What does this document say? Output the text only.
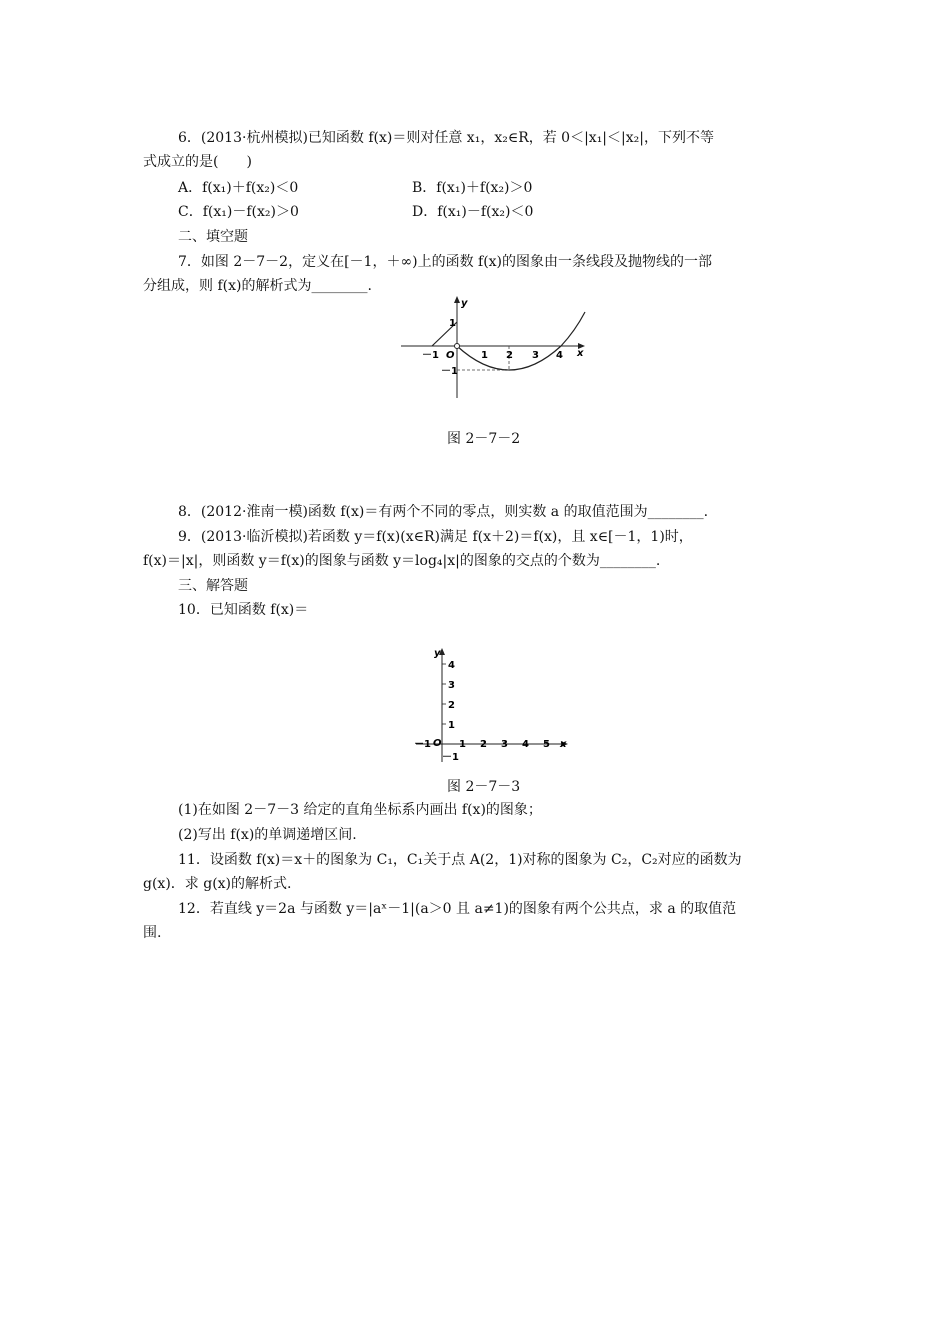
6．(2013·杭州模拟)已知函数 f(x)＝则对任意 x₁，x₂∈R，若 0＜|x₁|＜|x₂|，下列不等
式成立的是(　　)
A．f(x₁)＋f(x₂)＜0	B．f(x₁)＋f(x₂)＞0
C．f(x₁)－f(x₂)＞0	D．f(x₁)－f(x₂)＜0
二、填空题
7．如图 2－7－2，定义在[－1，＋∞)上的函数 f(x)的图象由一条线段及抛物线的一部
分组成，则 f(x)的解析式为________.
y
x
O
－1	1 2 3 4
1
－1
图 2－7－2
8．(2012·淮南一模)函数 f(x)＝有两个不同的零点，则实数 a 的取值范围为________.
9．(2013·临沂模拟)若函数 y＝f(x)(x∈R)满足 f(x＋2)＝f(x)，且 x∈[－1，1)时，
f(x)＝|x|，则函数 y＝f(x)的图象与函数 y＝log₄|x|的图象的交点的个数为________.
三、解答题
10．已知函数 f(x)＝
y
x
O
－1	1 2 3 4 5
4
3
2
1
－1
图 2－7－3
(1)在如图 2－7－3 给定的直角坐标系内画出 f(x)的图象；
(2)写出 f(x)的单调递增区间.
11．设函数 f(x)＝x＋的图象为 C₁，C₁关于点 A(2，1)对称的图象为 C₂，C₂对应的函数为
g(x)．求 g(x)的解析式.
12．若直线 y＝2a 与函数 y＝|aˣ－1|(a＞0 且 a≠1)的图象有两个公共点，求 a 的取值范
围.
